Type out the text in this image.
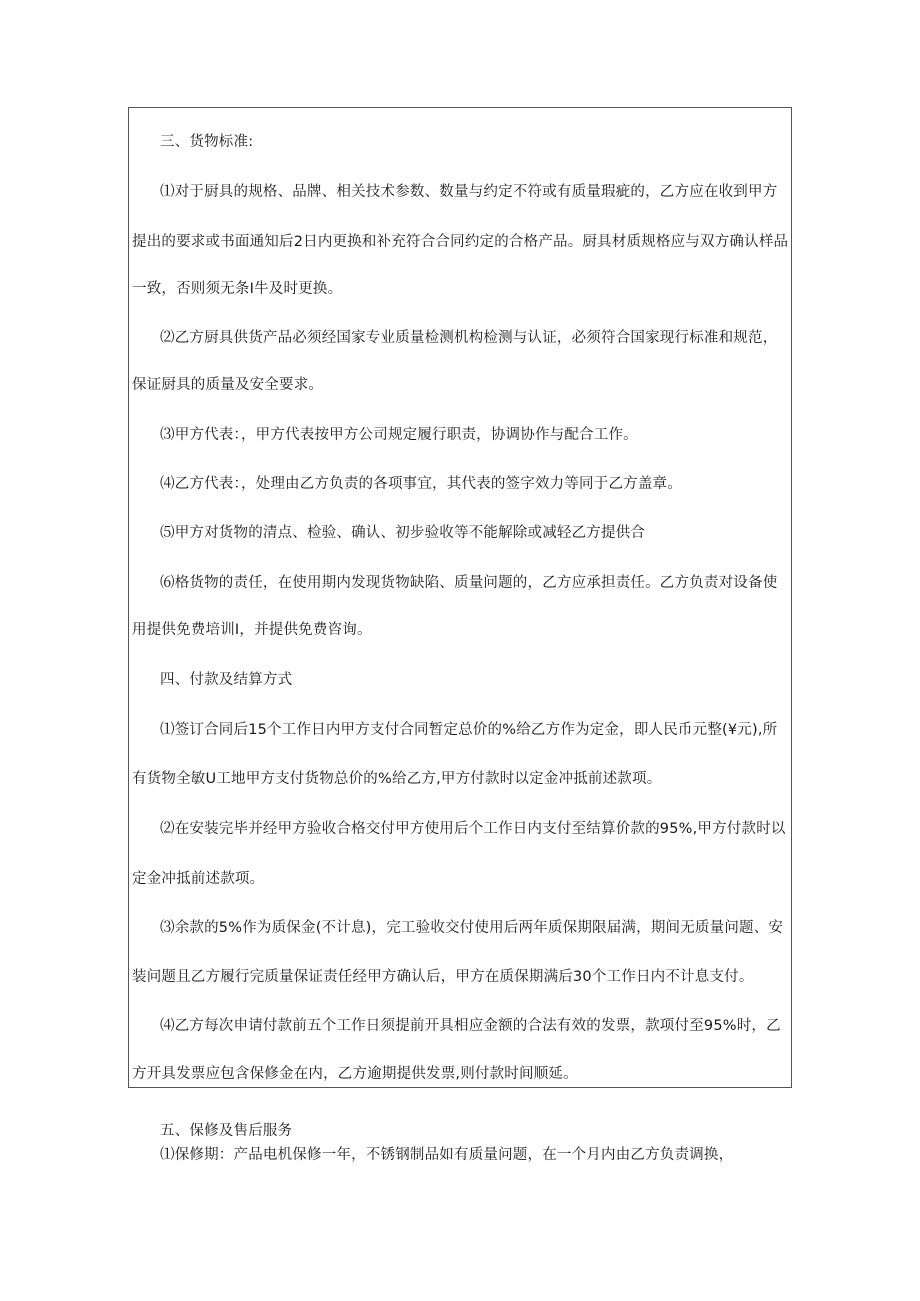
三、货物标准:
⑴对于厨具的规格、品牌、相关技术参数、数量与约定不符或有质量瑕疵的，乙方应在收到甲方
提出的要求或书面通知后2日内更换和补充符合合同约定的合格产品。厨具材质规格应与双方确认样品
一致，否则须无条I牛及时更换。
⑵乙方厨具供货产品必须经国家专业质量检测机构检测与认证，必须符合国家现行标准和规范，
保证厨具的质量及安全要求。
⑶甲方代表：，甲方代表按甲方公司规定履行职责，协调协作与配合工作。
⑷乙方代表：，处理由乙方负责的各项事宜，其代表的签字效力等同于乙方盖章。
⑸甲方对货物的清点、检验、确认、初步验收等不能解除或减轻乙方提供合
⑹格货物的责任，在使用期内发现货物缺陷、质量问题的，乙方应承担责任。乙方负责对设备使
用提供免费培训I，并提供免费咨询。
四、付款及结算方式
⑴签订合同后15个工作日内甲方支付合同暂定总价的%给乙方作为定金，即人民币元整(¥元),所
有货物全敏U工地甲方支付货物总价的%给乙方,甲方付款时以定金冲抵前述款项。
⑵在安装完毕并经甲方验收合格交付甲方使用后个工作日内支付至结算价款的95%,甲方付款时以
定金冲抵前述款项。
⑶余款的5%作为质保金(不计息)，完工验收交付使用后两年质保期限届满，期间无质量问题、安
装问题且乙方履行完质量保证责任经甲方确认后，甲方在质保期满后30个工作日内不计息支付。
⑷乙方每次申请付款前五个工作日须提前开具相应金额的合法有效的发票，款项付至95%时，乙
方开具发票应包含保修金在内，乙方逾期提供发票,则付款时间顺延。
五、保修及售后服务
⑴保修期：产品电机保修一年，不锈钢制品如有质量问题，在一个月内由乙方负责调换，
